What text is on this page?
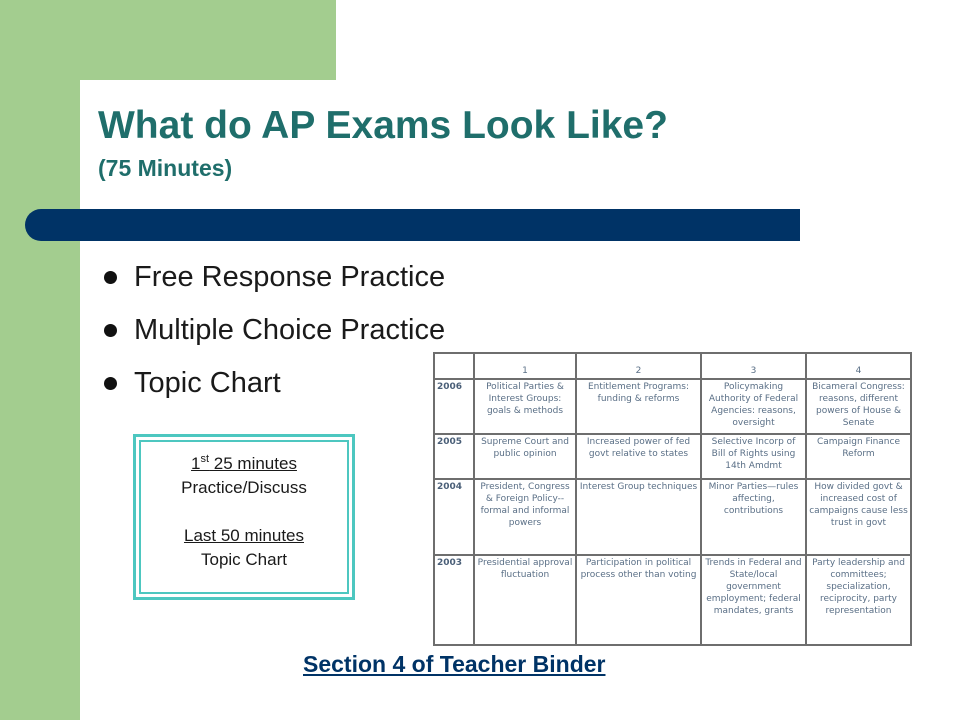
What do AP Exams Look Like?
(75 Minutes)
Free Response Practice
Multiple Choice Practice
Topic Chart
1st 25 minutes
Practice/Discuss
Last 50 minutes
Topic Chart
	1	2	3	4
2006	Political Parties & Interest Groups: goals & methods	Entitlement Programs: funding & reforms	Policymaking Authority of Federal Agencies: reasons, oversight	Bicameral Congress: reasons, different powers of House & Senate
2005	Supreme Court and public opinion	Increased power of fed govt relative to states	Selective Incorp of Bill of Rights using 14th Amdmt	Campaign Finance Reform
2004	President, Congress & Foreign Policy--formal and informal powers	Interest Group techniques	Minor Parties—rules affecting, contributions	How divided govt & increased cost of campaigns cause less trust in govt
2003	Presidential approval fluctuation	Participation in political process other than voting	Trends in Federal and State/local government employment; federal mandates, grants	Party leadership and committees; specialization, reciprocity, party representation
Section 4 of Teacher Binder
